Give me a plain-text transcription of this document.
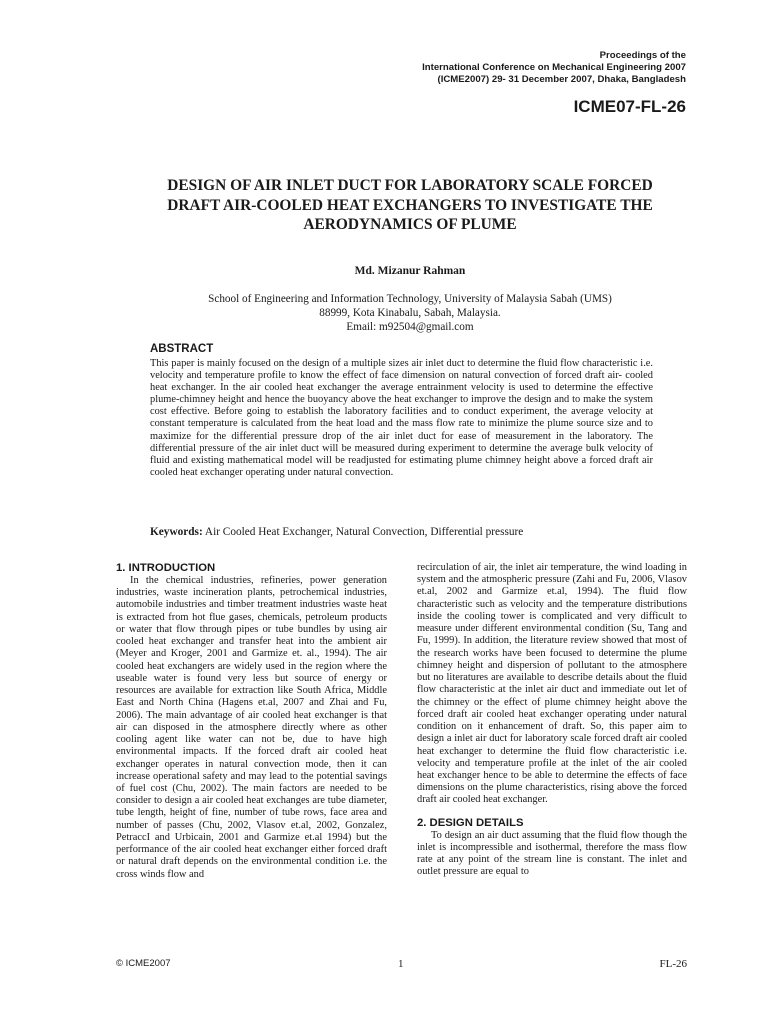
Proceedings of the
International Conference on Mechanical Engineering 2007
(ICME2007) 29- 31 December 2007, Dhaka, Bangladesh
ICME07-FL-26
DESIGN OF AIR INLET DUCT FOR LABORATORY SCALE FORCED
DRAFT AIR-COOLED HEAT EXCHANGERS TO INVESTIGATE THE
AERODYNAMICS OF PLUME
Md. Mizanur Rahman
School of Engineering and Information Technology, University of Malaysia Sabah (UMS)
88999, Kota Kinabalu, Sabah, Malaysia.
Email: m92504@gmail.com
ABSTRACT
This paper is mainly focused on the design of a multiple sizes air inlet duct to determine the fluid flow characteristic i.e. velocity and temperature profile to know the effect of face dimension on natural convection of forced draft air- cooled heat exchanger. In the air cooled heat exchanger the average entrainment velocity is used to determine the effective plume-chimney height and hence the buoyancy above the heat exchanger to improve the design and to make the system cost effective. Before going to establish the laboratory facilities and to conduct experiment, the average velocity at constant temperature is calculated from the heat load and the mass flow rate to minimize the plume source size and to maximize for the differential pressure drop of the air inlet duct for ease of measurement in the laboratory. The differential pressure of the air inlet duct will be measured during experiment to determine the average bulk velocity of fluid and existing mathematical model will be readjusted for estimating plume chimney height above a forced draft air cooled heat exchanger operating under natural convection.
Keywords: Air Cooled Heat Exchanger, Natural Convection, Differential pressure
1. INTRODUCTION

In the chemical industries, refineries, power generation industries, waste incineration plants, petrochemical industries, automobile industries and timber treatment industries waste heat is extracted from hot flue gases, chemicals, petroleum products or water that flow through pipes or tube bundles by using air cooled heat exchanger and transfer heat into the ambient air (Meyer and Kroger, 2001 and Garmize et. al., 1994). The air cooled heat exchangers are widely used in the region where the useable water is found very less but source of energy or resources are available for extraction like South Africa, Middle East and North China (Hagens et.al, 2007 and Zhai and Fu, 2006). The main advantage of air cooled heat exchanger is that air can disposed in the atmosphere directly where as other cooling agent like water can not be, due to have high environmental impacts. If the forced draft air cooled heat exchanger operates in natural convection mode, then it can increase operational safety and may lead to the potential savings of fuel cost (Chu, 2002). The main factors are needed to be consider to design a air cooled heat exchanges are tube diameter, tube length, height of fine, number of tube rows, face area and number of passes (Chu, 2002, Vlasov et.al, 2002, Gonzalez, PetraccI and Urbicain, 2001 and Garmize et.al 1994) but the performance of the air cooled heat exchanger either forced draft or natural draft depends on the environmental condition i.e. the cross winds flow and

recirculation of air, the inlet air temperature, the wind loading in system and the atmospheric pressure (Zahi and Fu, 2006, Vlasov et.al, 2002 and Garmize et.al, 1994). The fluid flow characteristic such as velocity and the temperature distributions inside the cooling tower is complicated and very difficult to measure under different environmental condition (Su, Tang and Fu, 1999). In addition, the literature review showed that most of the research works have been focused to determine the plume chimney height and dispersion of pollutant to the atmosphere but no literatures are available to describe details about the fluid flow characteristic at the inlet air duct and immediate out let of the chimney or the effect of plume chimney height above the forced draft air cooled heat exchanger operating under natural condition on it enhancement of draft. So, this paper aim to design a inlet air duct for laboratory scale forced draft air cooled heat exchanger to determine the fluid flow characteristic i.e. velocity and temperature profile at the inlet of the air cooled heat exchanger hence to be able to determine the effects of face dimensions on the plume characteristics, rising above the forced draft air cooled heat exchanger.

2. DESIGN DETAILS

To design an air duct assuming that the fluid flow though the inlet is incompressible and isothermal, therefore the mass flow rate at any point of the stream line is constant. The inlet and outlet pressure are equal to

© ICME2007	1	FL-26
